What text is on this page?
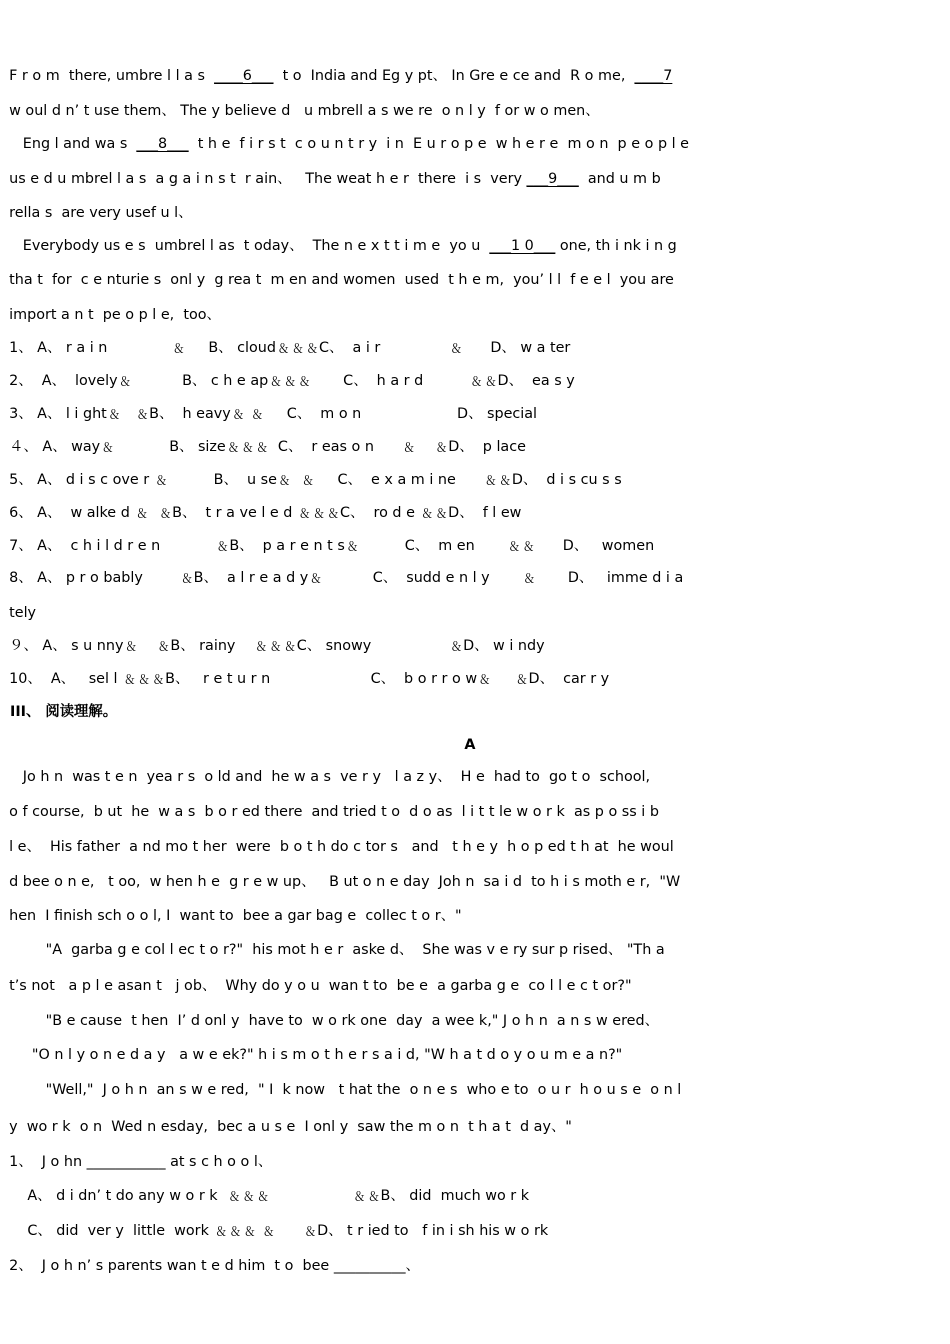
F r o m  there, umbre l l a s  ____6___  t o  India and Eg y pt、 In Gre e ce and  R o me,  ____7
w oul d n’ t use them、 The y believe d   u mbrell a s we re  o n l y  f or w o men、
Eng l and wa s  ___8___  t h e  f i r s t  c o u n t r y  i n  E u r o p e  w h e r e  m o n  p e o p l e
us e d u mbrel l a s  a g a i n s t  r ain、   The weat h e r  there  i s  very ___9___  and u m b
rella s  are very usef u l、
Everybody us e s  umbrel l as  t oday、  The n e x t t i m e  yo u  ___1 0___ one, th i nk i n g
tha t  for  c e nturie s  onl y  g rea t  m en and women  used  t h e m,  you’ l l  f e e l  you are
import a n t  pe o p l e,  too、
1、 A、 r a i n              ﹠     B、 cloud﹠﹠﹠C、  a i r               ﹠      D、 w a ter
2、  A、  lovely﹠           B、 c h e ap﹠﹠﹠       C、  h a r d          ﹠﹠D、  ea s y
3、 A、 l i ght﹠   ﹠B、  h eavy﹠ ﹠     C、  m o n                     D、 special
４、 A、 way﹠            B、 size﹠﹠﹠  C、  r eas o n      ﹠    ﹠D、  p lace
5、 A、 d i s c ove r ﹠          B、  u se﹠  ﹠     C、  e x a m i ne      ﹠﹠D、  d i s cu s s
6、 A、  w alke d ﹠  ﹠B、  t r a ve l e d ﹠﹠﹠C、  ro d e ﹠﹠D、  f l ew
7、 A、  c h i l d r e n            ﹠B、  p a r e n t s﹠          C、  m en       ﹠﹠      D、   women
8、 A、 p r o bably        ﹠B、  a l r e a d y﹠           C、  sudd e n l y       ﹠       D、   imme d i a
tely
９、 A、 s u nny﹠    ﹠B、 rainy    ﹠﹠﹠C、 snowy                 ﹠D、 w i ndy
10、  A、   sel l ﹠﹠﹠B、   r e t u r n                      C、  b o r r o w﹠     ﹠D、  car r y
III、 阅读理解。
A
Jo h n  was t e n  yea r s  o ld and  he w a s  ve r y   l a z y、  H e  had to  go t o  school,
o f course,  b ut  he  w a s  b o r ed there  and tried t o  d o as  l i t t le w o r k  as p o ss i b
l e、  His father  a nd mo t her  were  b o t h do c tor s   and   t h e y  h o p ed t h at  he woul
d bee o n e,   t oo,  w hen h e  g r e w up、   B ut o n e day  Joh n  sa i d  to h i s moth e r,  "W
hen  I finish sch o o l, I  want to  bee a gar bag e  collec t o r、"
"A  garba g e col l ec t o r?"  his mot h e r  aske d、  She was v e ry sur p rised、 "Th a
t’s not   a p l e asan t   j ob、  Why do y o u  wan t to  be e  a garba g e  co l l e c t or?"
"B e cause  t hen  I’ d onl y  have to  w o rk one  day  a wee k," J o h n  a n s w ered、
"O n l y o n e d a y   a w e ek?" h i s m o t h e r s a i d, "W h a t d o y o u m e a n?"
"Well,"  J o h n  an s w e red,  " I  k now   t hat the  o n e s  who e to  o u r  h o u s e  o n l
y  wo r k  o n  Wed n esday,  bec a u s e  I onl y  saw the m o n  t h a t  d ay、"
1、  J o hn ___________ at s c h o o l、
A、 d i dn’ t do any w o r k  ﹠﹠﹠                  ﹠﹠B、 did  much wo r k
C、 did  ver y  little  work ﹠﹠﹠ ﹠      ﹠D、 t r ied to   f in i sh his w o rk
2、  J o h n’ s parents wan t e d him  t o  bee __________、
